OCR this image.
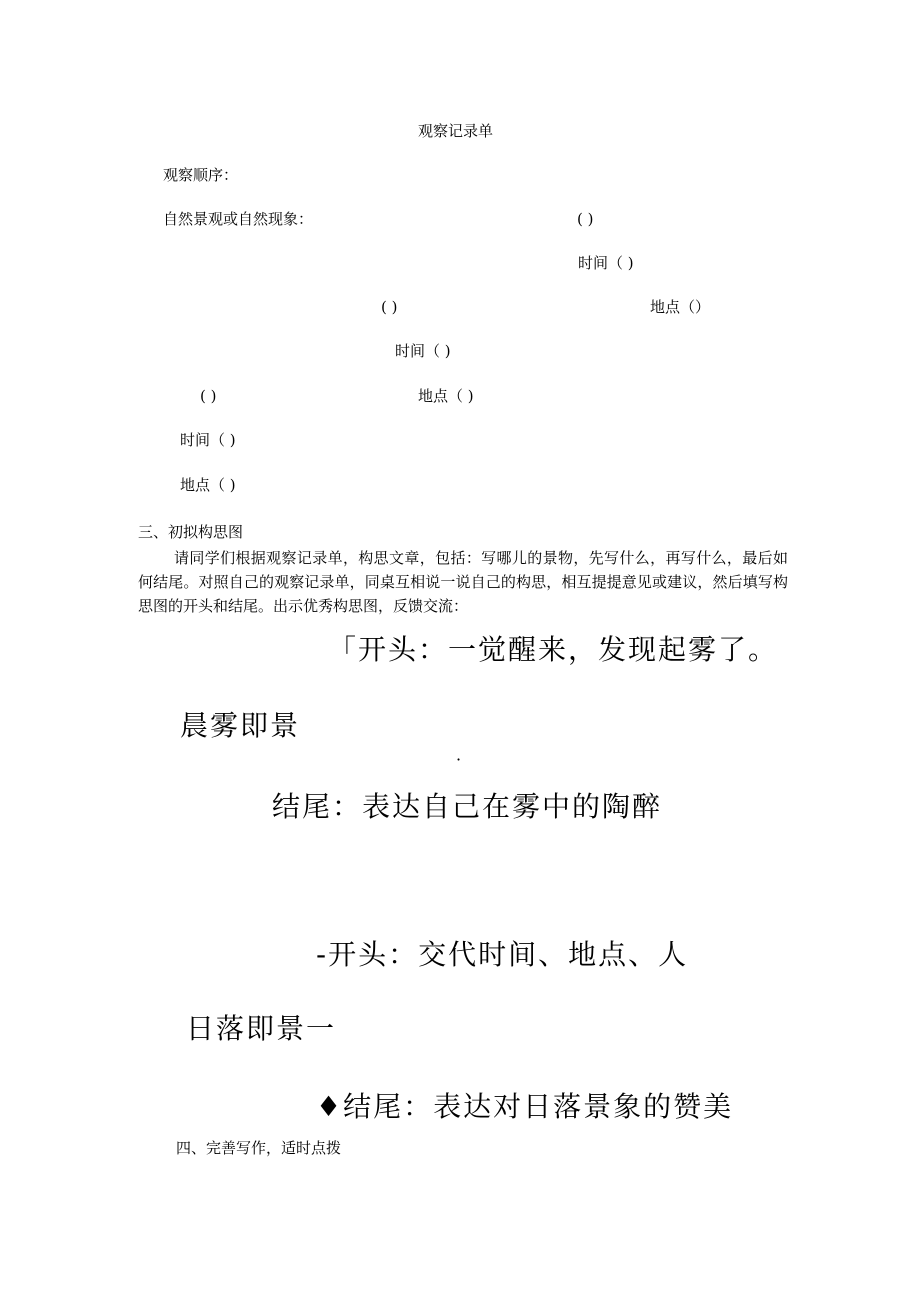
观察记录单
观察顺序：
自然景观或自然现象：	( )
时间（ )
( )	地点（）
时间（ )
( )	地点（ )
时间（ )
地点（ )
三、初拟构思图
请同学们根据观察记录单，构思文章，包括：写哪儿的景物，先写什么，再写什么，最后如何结尾。对照自己的观察记录单，同桌互相说一说自己的构思，相互提提意见或建议，然后填写构思图的开头和结尾。出示优秀构思图，反馈交流：
「开头：一觉醒来，发现起雾了。
晨雾即景
·
结尾：表达自己在雾中的陶醉
-开头：交代时间、地点、人
日落即景一
♦结尾：表达对日落景象的赞美
四、完善写作，适时点拨
